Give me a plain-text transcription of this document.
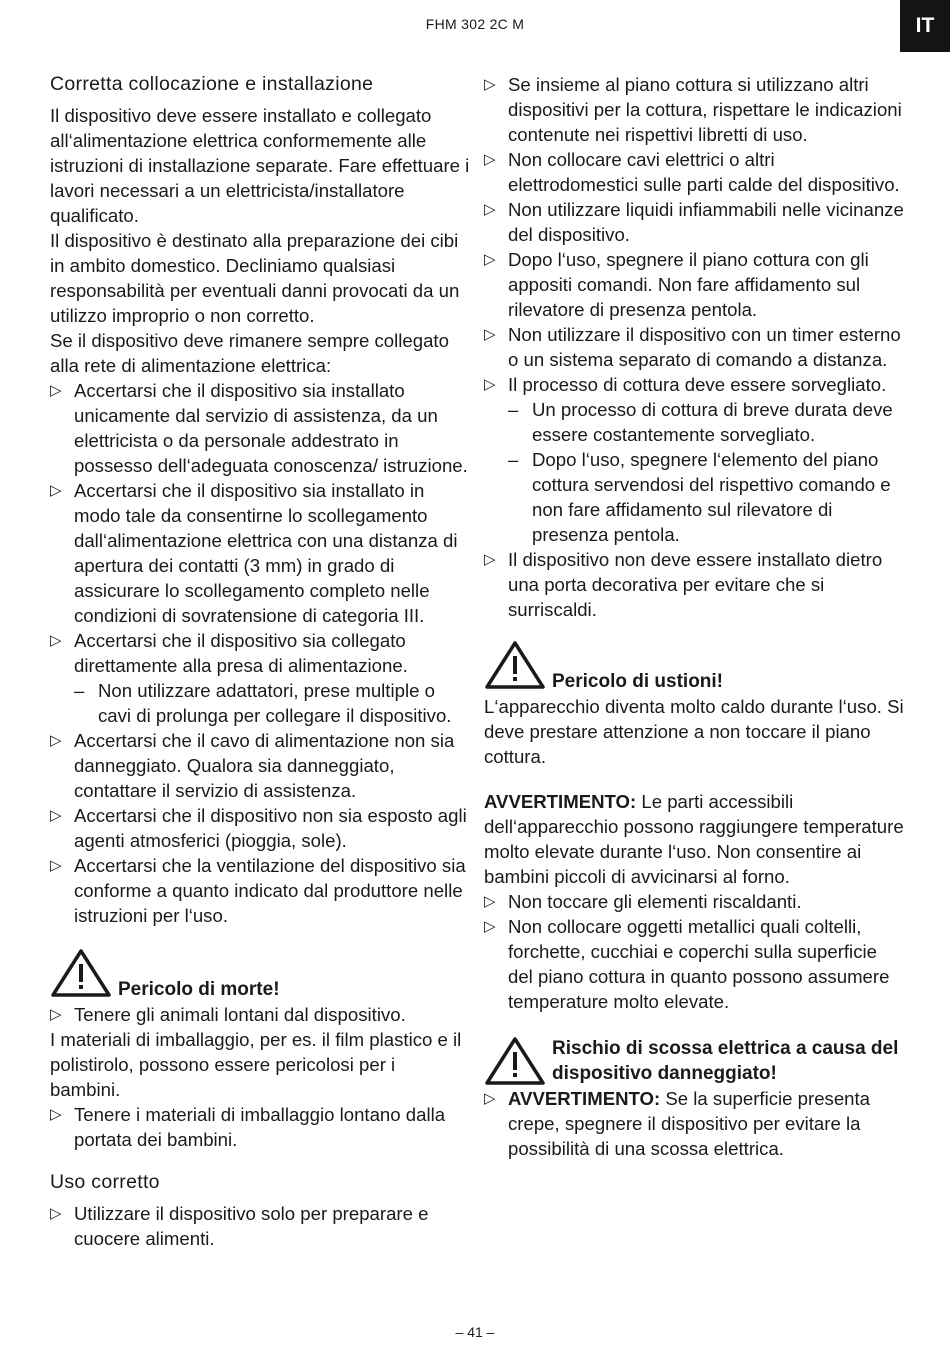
FHM 302 2C M	IT

Corretta collocazione e installazione

Il dispositivo deve essere installato e collegato all‘alimentazione elettrica conformemente alle istruzioni di installazione separate. Fare effettuare i lavori necessari a un elettricista/installatore qualificato.

Il dispositivo è destinato alla preparazione dei cibi in ambito domestico. Decliniamo qualsiasi responsabilità per eventuali danni provocati da un utilizzo improprio o non corretto.

Se il dispositivo deve rimanere sempre collegato alla rete di alimentazione elettrica:

▷ Accertarsi che il dispositivo sia installato unicamente dal servizio di assistenza, da un elettricista o da personale addestrato in possesso dell‘adeguata conoscenza/ istruzione.
▷ Accertarsi che il dispositivo sia installato in modo tale da consentirne lo scollegamento dall‘alimentazione elettrica con una distanza di apertura dei contatti (3 mm) in grado di assicurare lo scollegamento completo nelle condizioni di sovratensione di categoria III.
▷ Accertarsi che il dispositivo sia collegato direttamente alla presa di alimentazione.
– Non utilizzare adattatori, prese multiple o cavi di prolunga per collegare il dispositivo.
▷ Accertarsi che il cavo di alimentazione non sia danneggiato. Qualora sia danneggiato, contattare il servizio di assistenza.
▷ Accertarsi che il dispositivo non sia esposto agli agenti atmosferici (pioggia, sole).
▷ Accertarsi che la ventilazione del dispositivo sia conforme a quanto indicato dal produttore nelle istruzioni per l‘uso.
Pericolo di morte!
▷ Tenere gli animali lontani dal dispositivo.

I materiali di imballaggio, per es. il film plastico e il polistirolo, possono essere pericolosi per i bambini.

▷ Tenere i materiali di imballaggio lontano dalla portata dei bambini.

Uso corretto

▷ Utilizzare il dispositivo solo per preparare e cuocere alimenti.
▷ Se insieme al piano cottura si utilizzano altri dispositivi per la cottura, rispettare le indicazioni contenute nei rispettivi libretti di uso.
▷ Non collocare cavi elettrici o altri elettrodomestici sulle parti calde del dispositivo.
▷ Non utilizzare liquidi infiammabili nelle vicinanze del dispositivo.
▷ Dopo l‘uso, spegnere il piano cottura con gli appositi comandi. Non fare affidamento sul rilevatore di presenza pentola.
▷ Non utilizzare il dispositivo con un timer esterno o un sistema separato di comando a distanza.
▷ Il processo di cottura deve essere sorvegliato.
– Un processo di cottura di breve durata deve essere costantemente sorvegliato.
– Dopo l‘uso, spegnere l‘elemento del piano cottura servendosi del rispettivo comando e non fare affidamento sul rilevatore di presenza pentola.
▷ Il dispositivo non deve essere installato dietro una porta decorativa per evitare che si surriscaldi.
Pericolo di ustioni!

L‘apparecchio diventa molto caldo durante l‘uso. Si deve prestare attenzione a non toccare il piano cottura.

AVVERTIMENTO: Le parti accessibili dell‘apparecchio possono raggiungere temperature molto elevate durante l‘uso. Non consentire ai bambini piccoli di avvicinarsi al forno.

▷ Non toccare gli elementi riscaldanti.
▷ Non collocare oggetti metallici quali coltelli, forchette, cucchiai e coperchi sulla superficie del piano cottura in quanto possono assumere temperature molto elevate.
Rischio di scossa elettrica a causa del dispositivo danneggiato!
▷ AVVERTIMENTO: Se la superficie presenta crepe, spegnere il dispositivo per evitare la possibilità di una scossa elettrica.
– 41 –
